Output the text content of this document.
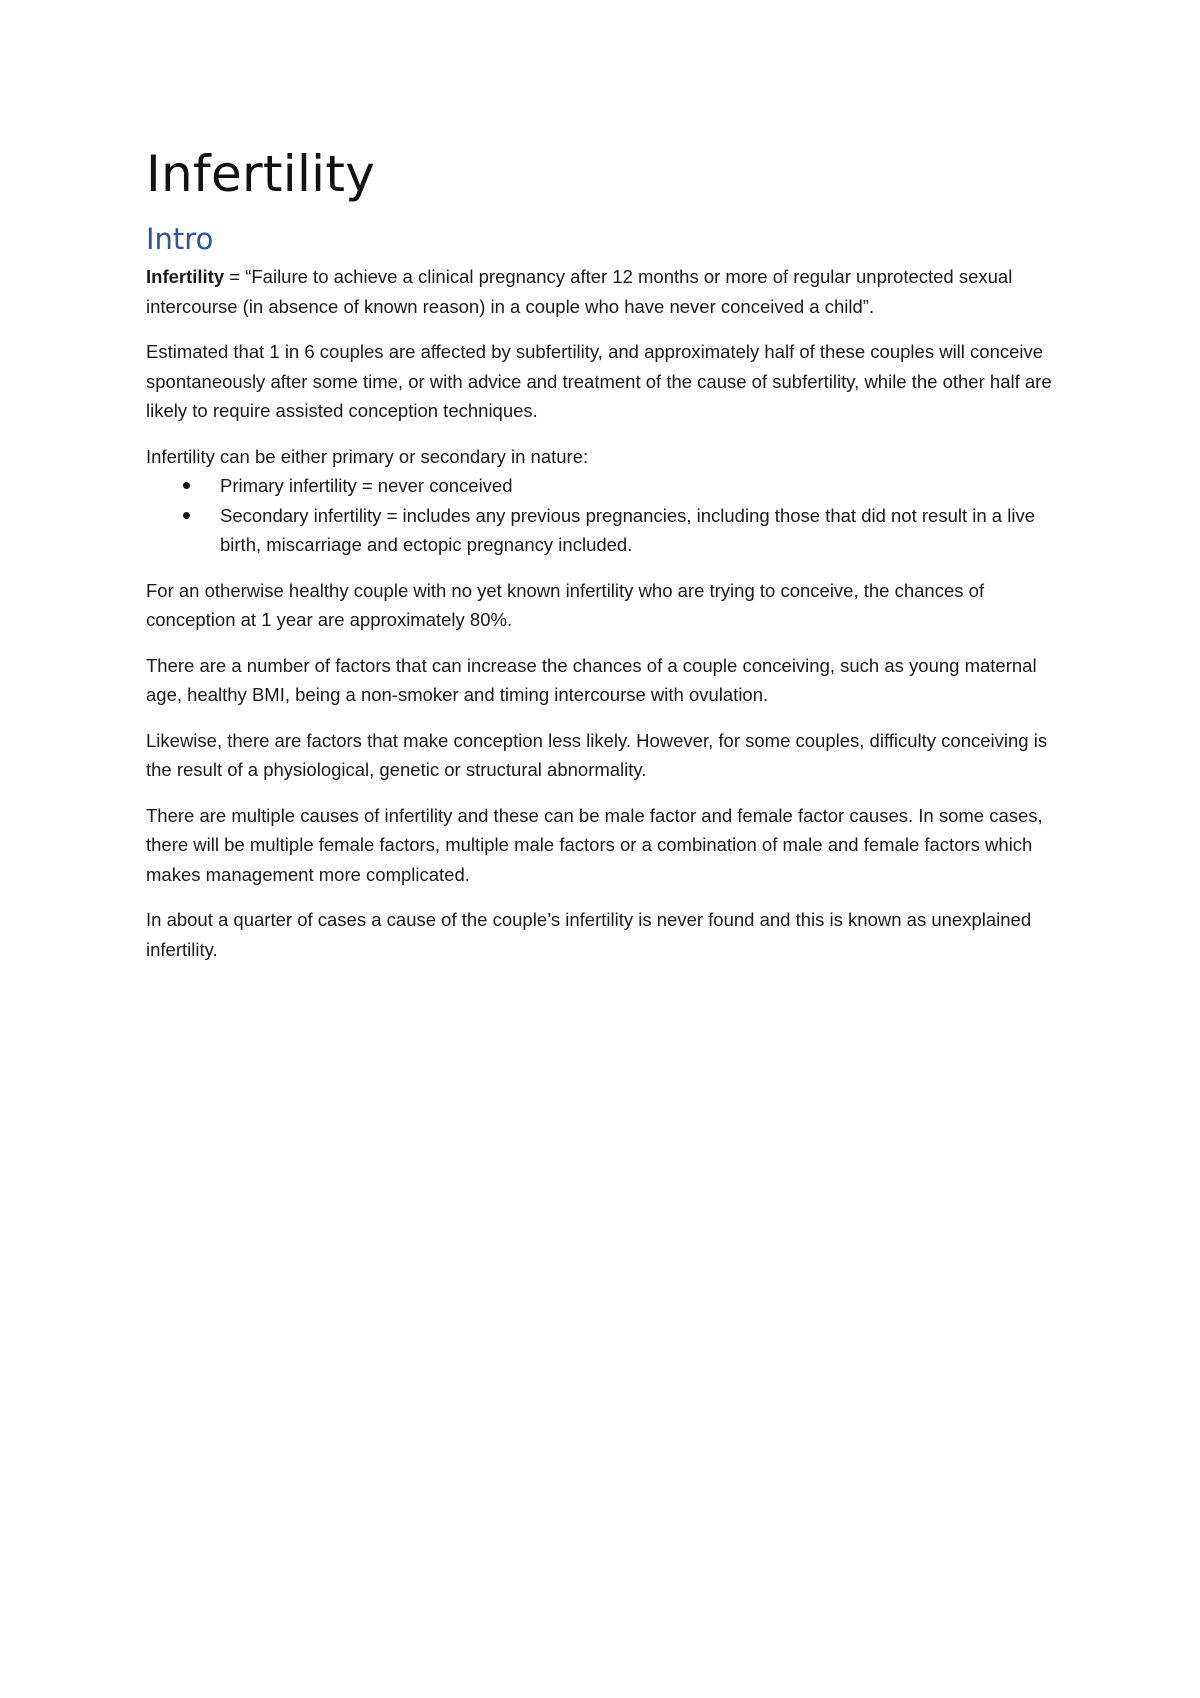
Infertility
Intro

Infertility = “Failure to achieve a clinical pregnancy after 12 months or more of regular unprotected sexual intercourse (in absence of known reason) in a couple who have never conceived a child”.

Estimated that 1 in 6 couples are affected by subfertility, and approximately half of these couples will conceive spontaneously after some time, or with advice and treatment of the cause of subfertility, while the other half are likely to require assisted conception techniques.

Infertility can be either primary or secondary in nature:

Primary infertility = never conceived
Secondary infertility = includes any previous pregnancies, including those that did not result in a live birth, miscarriage and ectopic pregnancy included.

For an otherwise healthy couple with no yet known infertility who are trying to conceive, the chances of conception at 1 year are approximately 80%.

There are a number of factors that can increase the chances of a couple conceiving, such as young maternal age, healthy BMI, being a non-smoker and timing intercourse with ovulation.

Likewise, there are factors that make conception less likely. However, for some couples, difficulty conceiving is the result of a physiological, genetic or structural abnormality.

There are multiple causes of infertility and these can be male factor and female factor causes. In some cases, there will be multiple female factors, multiple male factors or a combination of male and female factors which makes management more complicated.

In about a quarter of cases a cause of the couple’s infertility is never found and this is known as unexplained infertility.
